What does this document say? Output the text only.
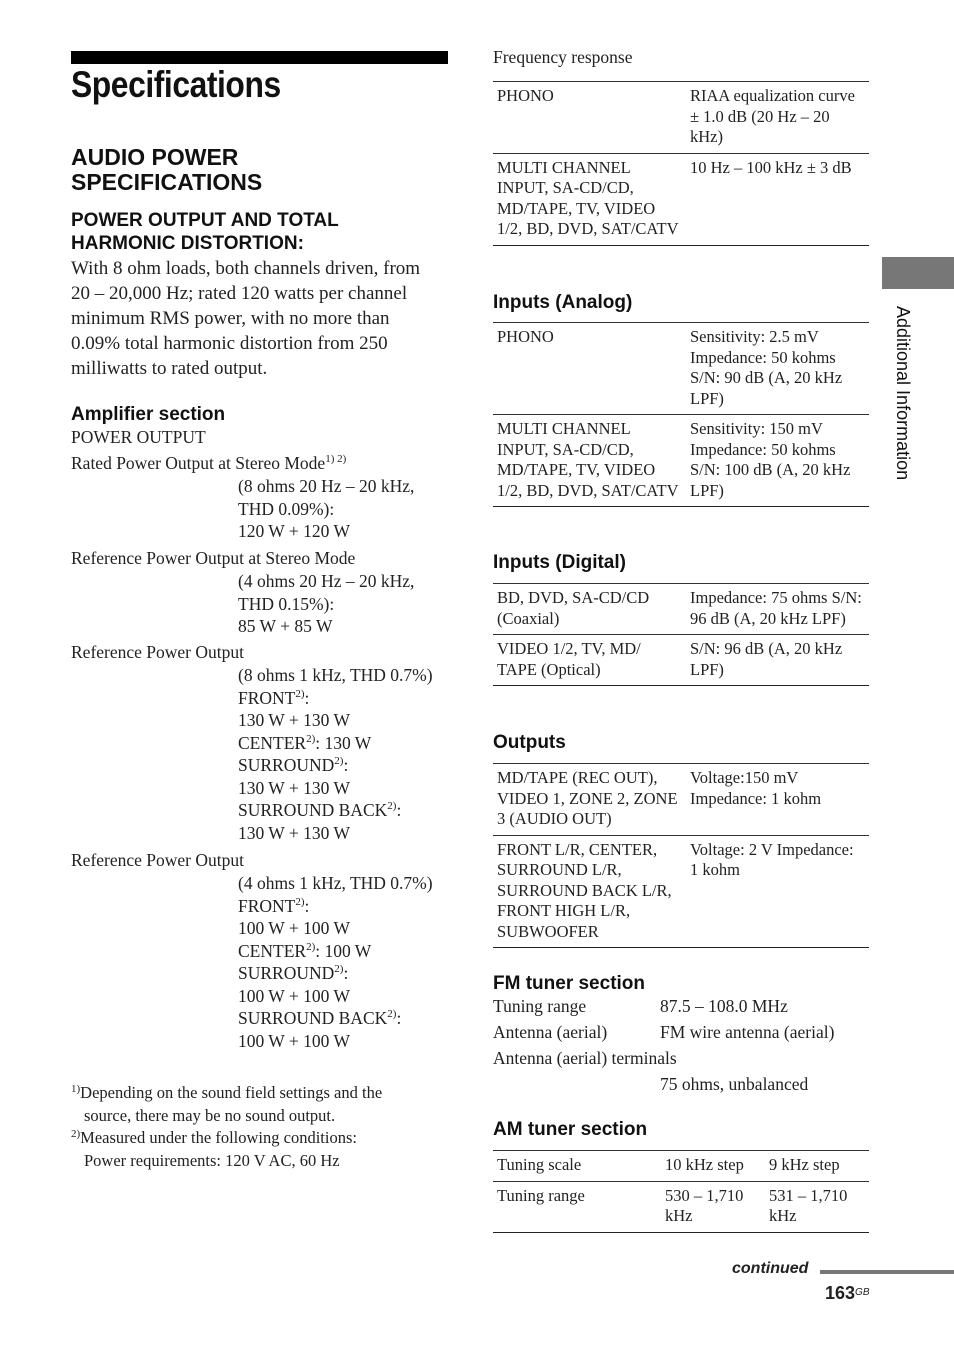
Specifications
AUDIO POWER
SPECIFICATIONS
POWER OUTPUT AND TOTAL
HARMONIC DISTORTION:
With 8 ohm loads, both channels driven, from
20 – 20,000 Hz; rated 120 watts per channel
minimum RMS power, with no more than
0.09% total harmonic distortion from 250
milliwatts to rated output.
Amplifier section
POWER OUTPUT
Rated Power Output at Stereo Mode$^{1) 2)}$
(8 ohms 20 Hz – 20 kHz,
THD 0.09%):
120 W + 120 W
Reference Power Output at Stereo Mode
(4 ohms 20 Hz – 20 kHz,
THD 0.15%):
85 W + 85 W
Reference Power Output
(8 ohms 1 kHz, THD 0.7%)
FRONT$^{2)}$:
130 W + 130 W
CENTER$^{2)}$: 130 W
SURROUND$^{2)}$:
130 W + 130 W
SURROUND BACK$^{2)}$:
130 W + 130 W
Reference Power Output
(4 ohms 1 kHz, THD 0.7%)
FRONT$^{2)}$:
100 W + 100 W
CENTER$^{2)}$: 100 W
SURROUND$^{2)}$:
100 W + 100 W
SURROUND BACK$^{2)}$:
100 W + 100 W
$^{1)}$Depending on the sound field settings and the
source, there may be no sound output.
$^{2)}$Measured under the following conditions:
Power requirements: 120 V AC, 60 Hz
Frequency response
PHONO	RIAA equalization curve ± 1.0 dB (20 Hz – 20 kHz)
MULTI CHANNEL INPUT, SA-CD/CD, MD/TAPE, TV, VIDEO 1/2, BD, DVD, SAT/CATV	10 Hz – 100 kHz ± 3 dB
Inputs (Analog)
PHONO	Sensitivity: 2.5 mV Impedance: 50 kohms S/N: 90 dB (A, 20 kHz LPF)
MULTI CHANNEL INPUT, SA-CD/CD, MD/TAPE, TV, VIDEO 1/2, BD, DVD, SAT/CATV	Sensitivity: 150 mV Impedance: 50 kohms S/N: 100 dB (A, 20 kHz LPF)
Inputs (Digital)
BD, DVD, SA-CD/CD (Coaxial)	Impedance: 75 ohms S/N: 96 dB (A, 20 kHz LPF)
VIDEO 1/2, TV, MD/ TAPE (Optical)	S/N: 96 dB (A, 20 kHz LPF)
Outputs
MD/TAPE (REC OUT), VIDEO 1, ZONE 2, ZONE 3 (AUDIO OUT)	Voltage:150 mV Impedance: 1 kohm
FRONT L/R, CENTER, SURROUND L/R, SURROUND BACK L/R, FRONT HIGH L/R, SUBWOOFER	Voltage: 2 V Impedance: 1 kohm
FM tuner section
Tuning range	87.5 – 108.0 MHz
Antenna (aerial)	FM wire antenna (aerial)
Antenna (aerial) terminals
75 ohms, unbalanced
AM tuner section
Tuning scale	10 kHz step	9 kHz step
Tuning range	530 – 1,710 kHz	531 – 1,710 kHz
Additional Information
continued
$163^{GB}$
